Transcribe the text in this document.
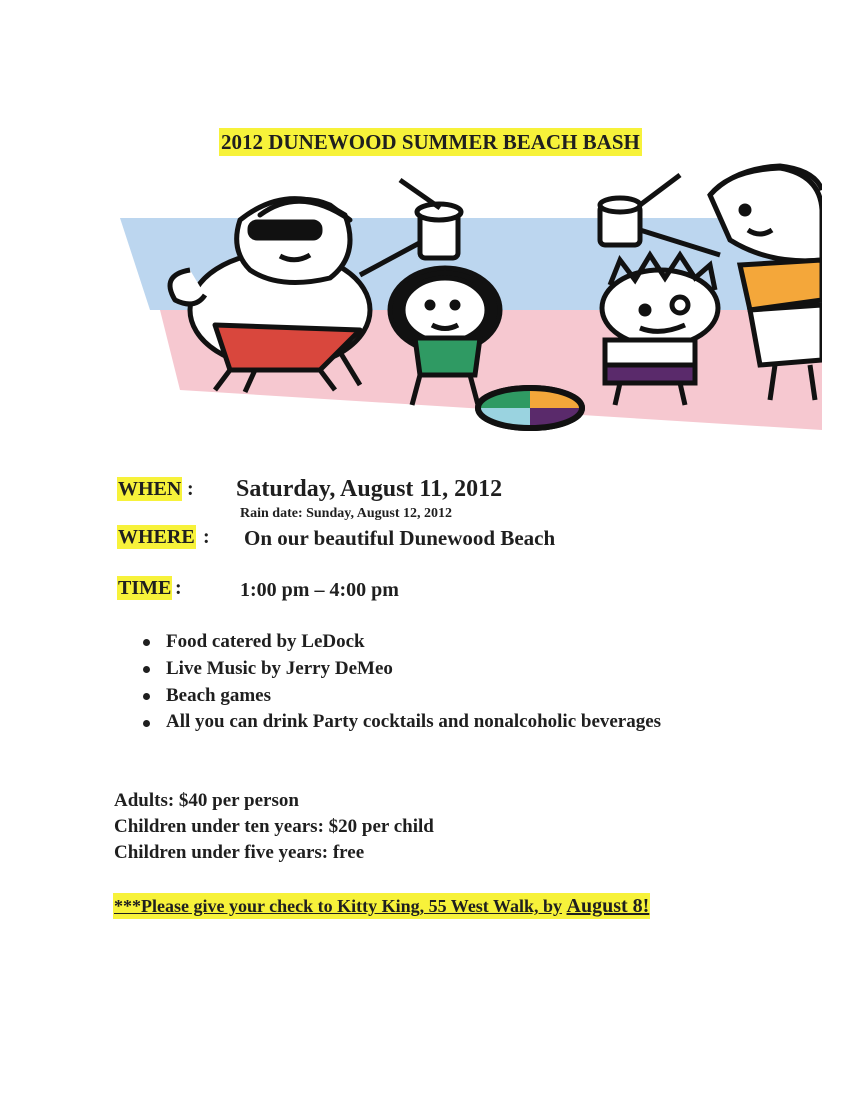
2012 DUNEWOOD SUMMER BEACH BASH
WHEN : Saturday, August 11, 2012
Rain date: Sunday, August 12, 2012
WHERE : On our beautiful Dunewood Beach
TIME :	1:00 pm – 4:00 pm
Food catered by LeDock
Live Music by Jerry DeMeo
Beach games
All you can drink Party cocktails and nonalcoholic beverages
Adults: $40 per person
Children under ten years: $20 per child
Children under five years: free
***Please give your check to Kitty King, 55 West Walk, by August 8!
